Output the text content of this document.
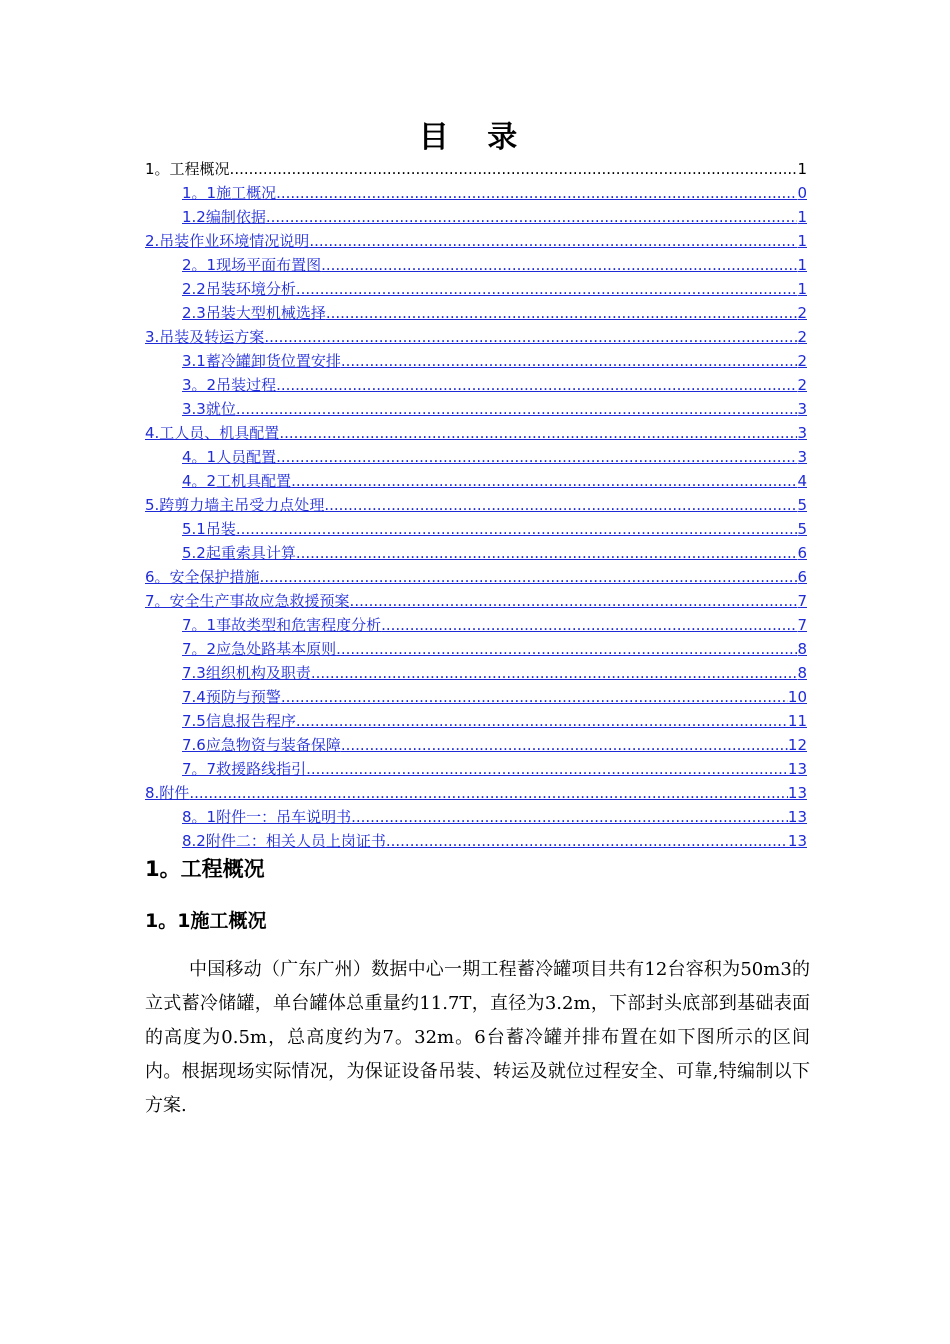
目 录
1。工程概况 .....	1
1。1施工概况 .....	0
1.2编制依据 .....	1
2.吊装作业环境情况说明 .....	1
2。1现场平面布置图 .....	1
2.2吊装环境分析 .....	1
2.3吊装大型机械选择 .....	2
3.吊装及转运方案 .....	2
3.1蓄冷罐卸货位置安排 .....	2
3。2吊装过程 .....	2
3.3就位 .....	3
4.工人员、机具配置 .....	3
4。1人员配置 .....	3
4。2工机具配置 .....	4
5.跨剪力墙主吊受力点处理 .....	5
5.1吊装 .....	5
5.2起重索具计算 .....	6
6。安全保护措施 .....	6
7。安全生产事故应急救援预案 .....	7
7。1事故类型和危害程度分析 .....	7
7。2应急处路基本原则 .....	8
7.3组织机构及职责 .....	8
7.4预防与预警 .....	10
7.5信息报告程序 .....	11
7.6应急物资与装备保障 .....	12
7。7救援路线指引 .....	13
8.附件 .....	13
8。1附件一：吊车说明书 .....	13
8.2附件二：相关人员上岗证书 .....	13
1。工程概况
1。1施工概况
中国移动（广东广州）数据中心一期工程蓄冷罐项目共有12台容积为50m3的立式蓄冷储罐，单台罐体总重量约11.7T，直径为3.2m，下部封头底部到基础表面的高度为0.5m，总高度约为7。32m。6台蓄冷罐并排布置在如下图所示的区间内。根据现场实际情况，为保证设备吊装、转运及就位过程安全、可靠,特编制以下方案.
